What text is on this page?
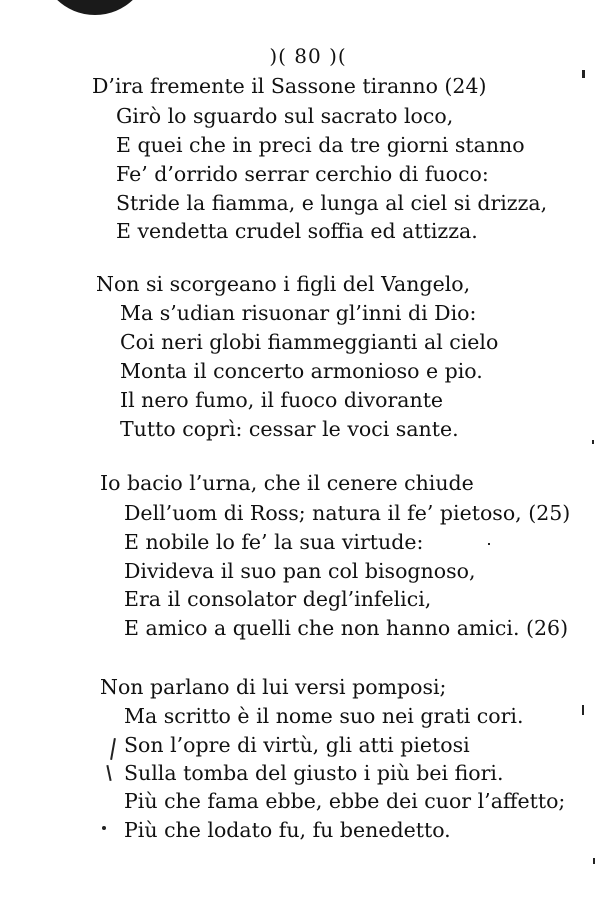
)( 80 )(
D’ira fremente il Sassone tiranno (24)
Girò lo sguardo sul sacrato loco,
E quei che in preci da tre giorni stanno
Fe’ d’orrido serrar cerchio di fuoco:
Stride la fiamma, e lunga al ciel si drizza,
E vendetta crudel soffia ed attizza.
Non si scorgeano i figli del Vangelo,
Ma s’udian risuonar gl’inni di Dio:
Coi neri globi fiammeggianti al cielo
Monta il concerto armonioso e pio.
Il nero fumo, il fuoco divorante
Tutto coprì: cessar le voci sante.
Io bacio l’urna, che il cenere chiude
Dell’uom di Ross; natura il fe’ pietoso, (25)
E nobile lo fe’ la sua virtude:
Divideva il suo pan col bisognoso,
Era il consolator degl’infelici,
E amico a quelli che non hanno amici. (26)
Non parlano di lui versi pomposi;
Ma scritto è il nome suo nei grati cori.
Son l’opre di virtù, gli atti pietosi
Sulla tomba del giusto i più bei fiori.
Più che fama ebbe, ebbe dei cuor l’affetto;
Più che lodato fu, fu benedetto.
